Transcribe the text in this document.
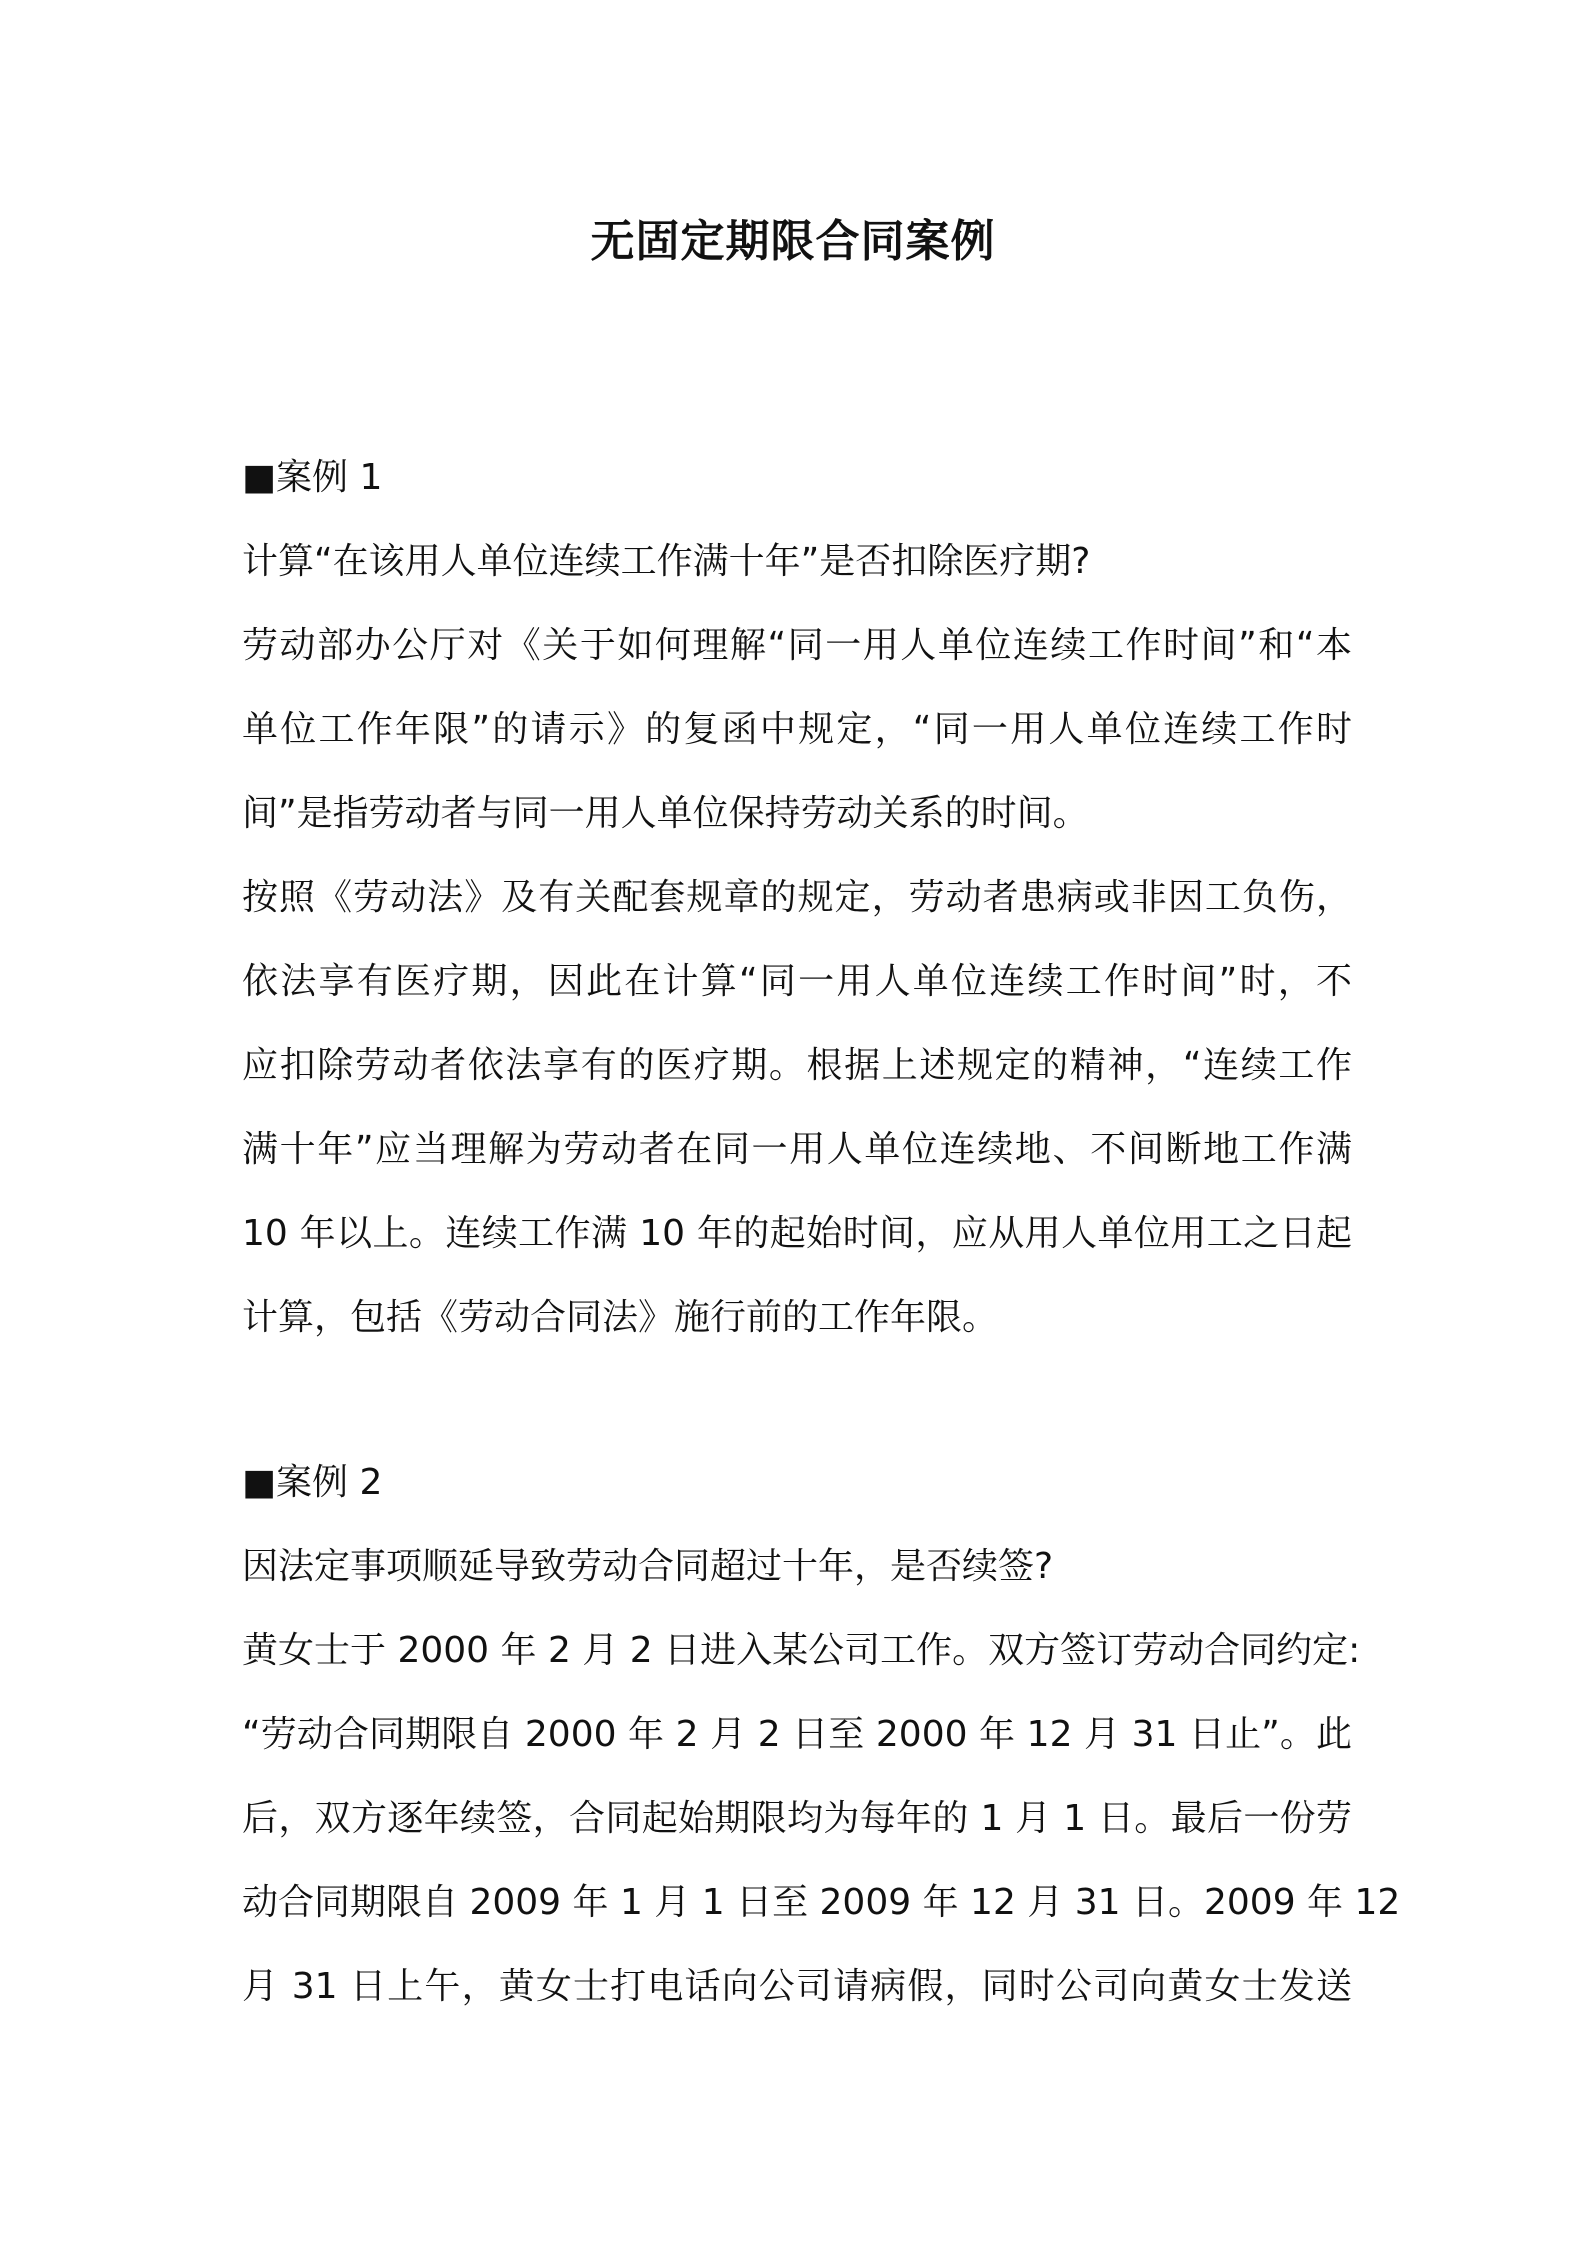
无固定期限合同案例

■案例 1

计算“在该用人单位连续工作满十年”是否扣除医疗期?

劳动部办公厅对《关于如何理解“同一用人单位连续工作时间”和“本

单位工作年限”的请示》的复函中规定，“同一用人单位连续工作时

间”是指劳动者与同一用人单位保持劳动关系的时间。

按照《劳动法》及有关配套规章的规定，劳动者患病或非因工负伤，

依法享有医疗期，因此在计算“同一用人单位连续工作时间”时，不

应扣除劳动者依法享有的医疗期。根据上述规定的精神，“连续工作

满十年”应当理解为劳动者在同一用人单位连续地、不间断地工作满

10 年以上。连续工作满 10 年的起始时间，应从用人单位用工之日起

计算，包括《劳动合同法》施行前的工作年限。

■案例 2

因法定事项顺延导致劳动合同超过十年，是否续签?

黄女士于 2000 年 2 月 2 日进入某公司工作。双方签订劳动合同约定:

“劳动合同期限自 2000 年 2 月 2 日至 2000 年 12 月 31 日止”。此

后，双方逐年续签，合同起始期限均为每年的 1 月 1 日。最后一份劳

动合同期限自 2009 年 1 月 1 日至 2009 年 12 月 31 日。2009 年 12

月 31 日上午，黄女士打电话向公司请病假，同时公司向黄女士发送
